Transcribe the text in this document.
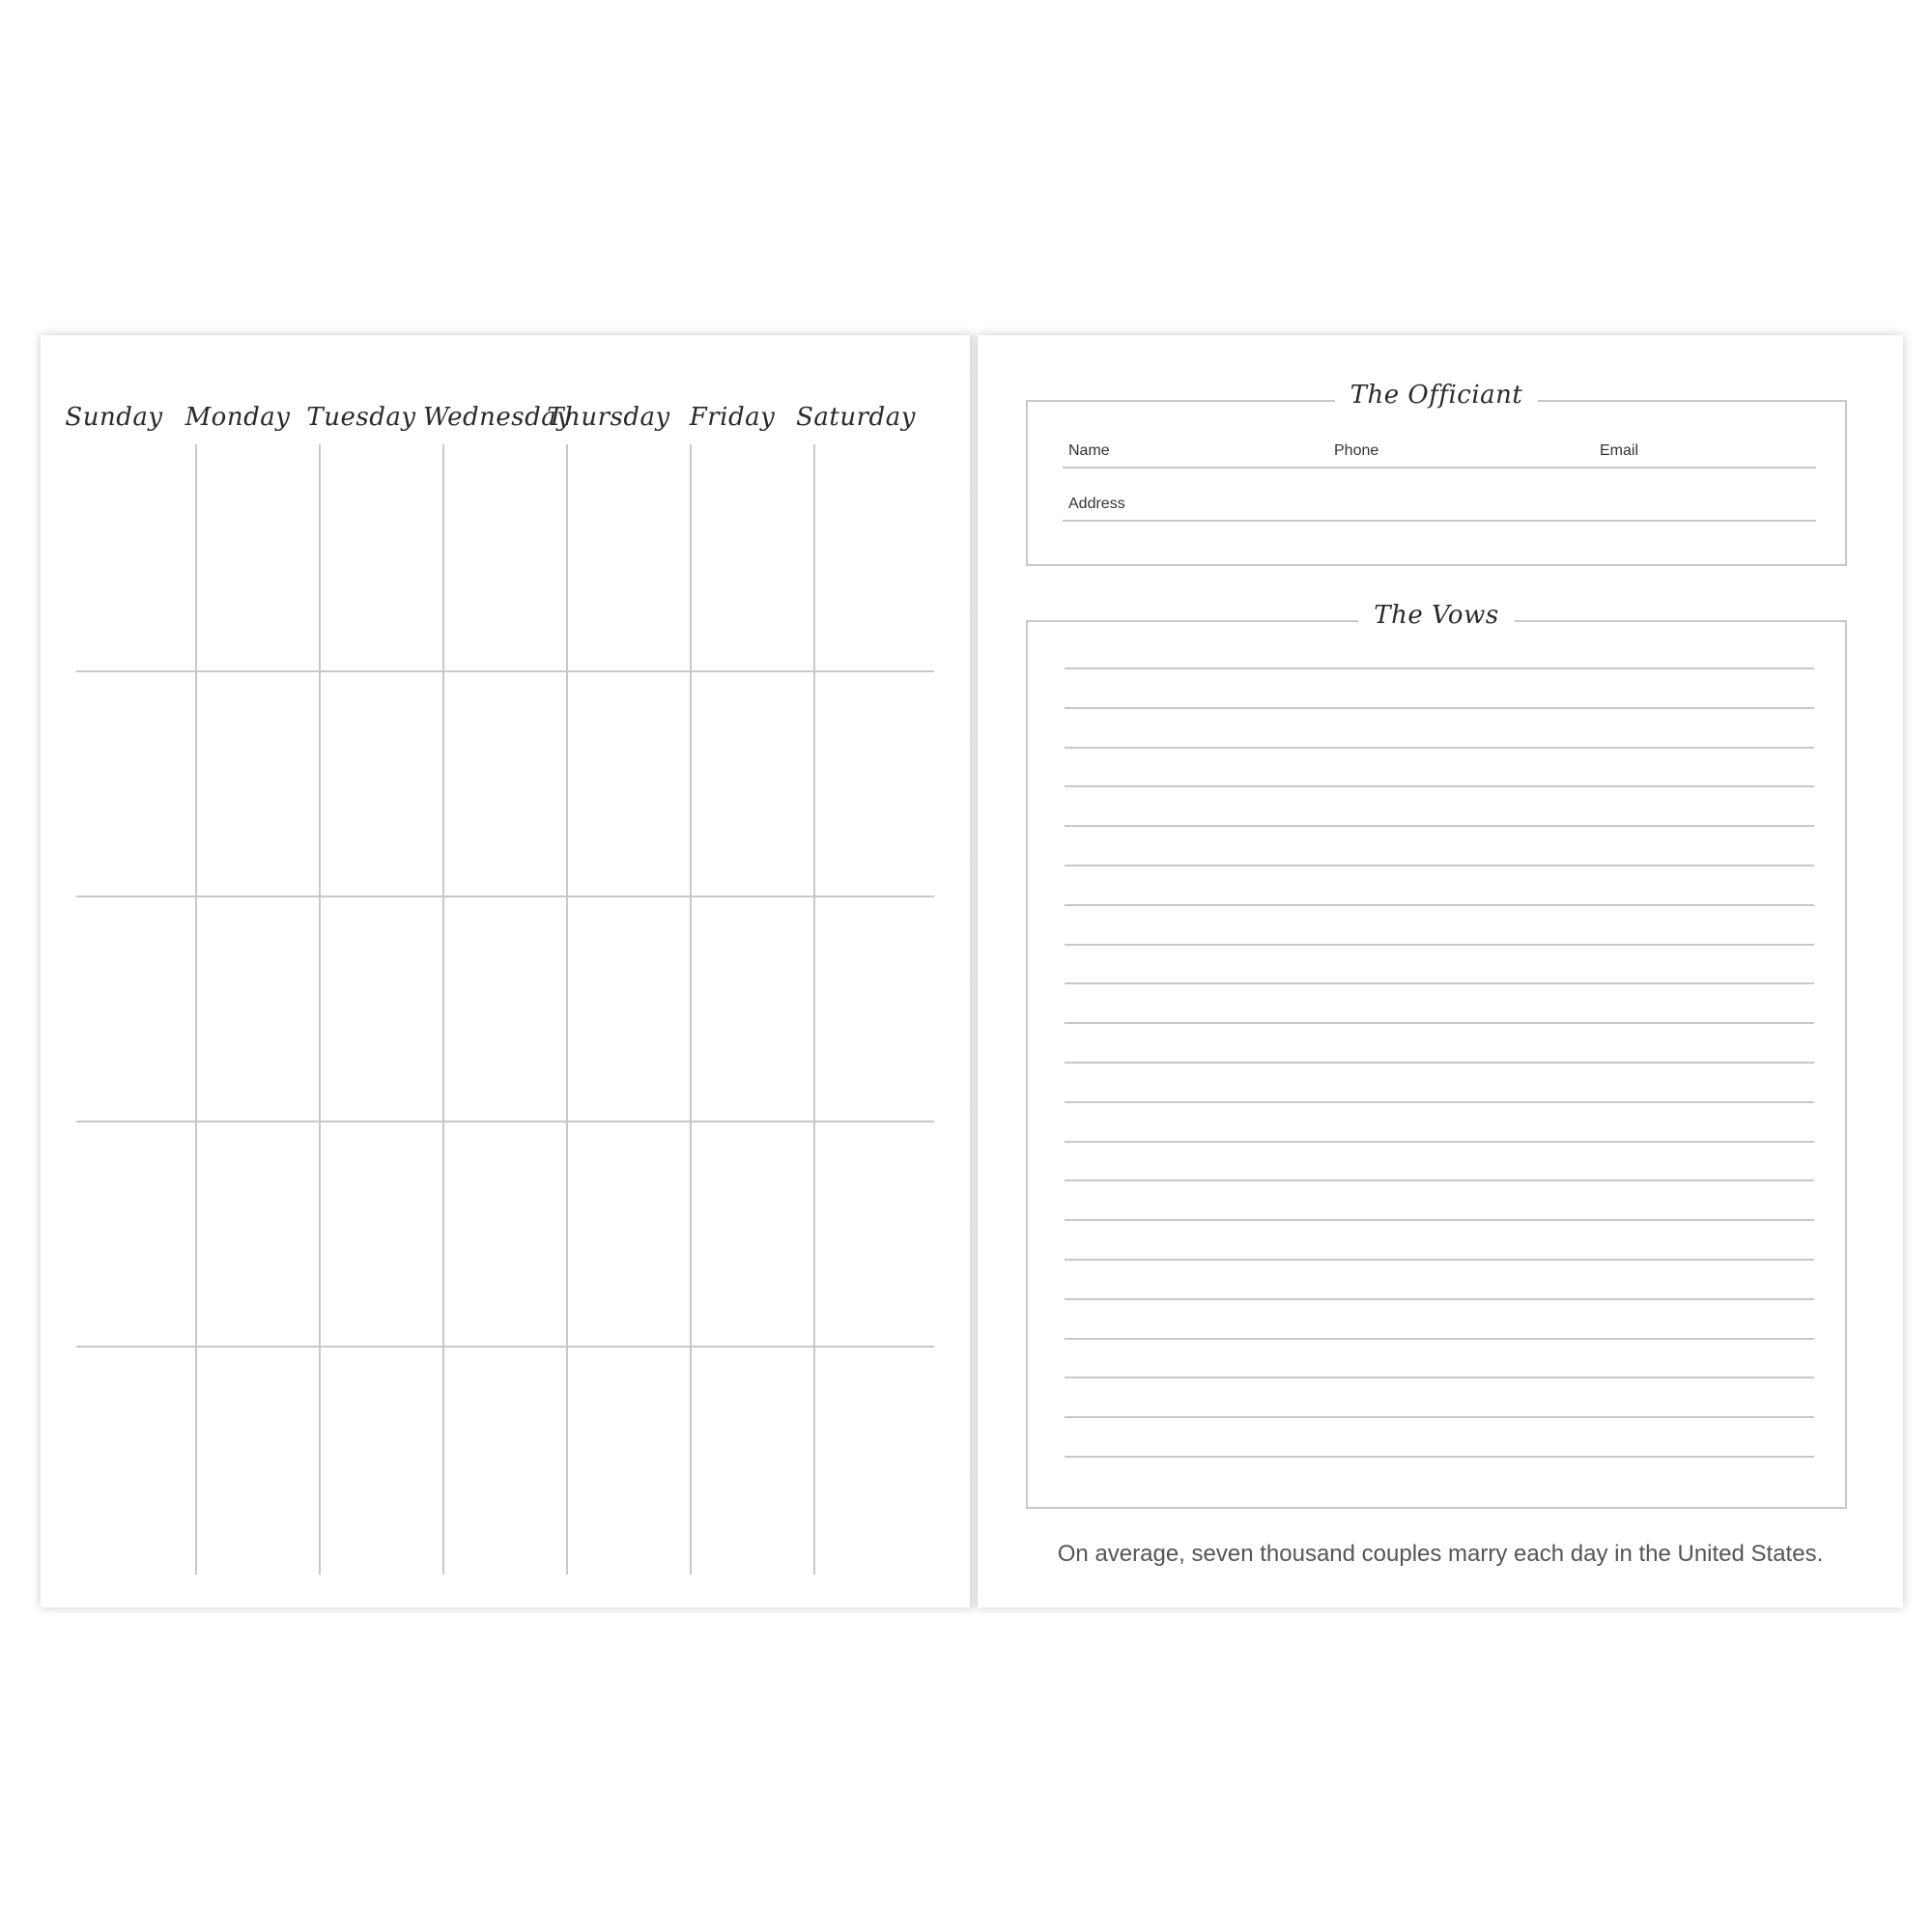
Sunday Monday Tuesday Wednesday
Thursday Friday Saturday
The Officiant
Name	Phone	Email
Address
The Vows
On average, seven thousand couples marry each day in the United States.
